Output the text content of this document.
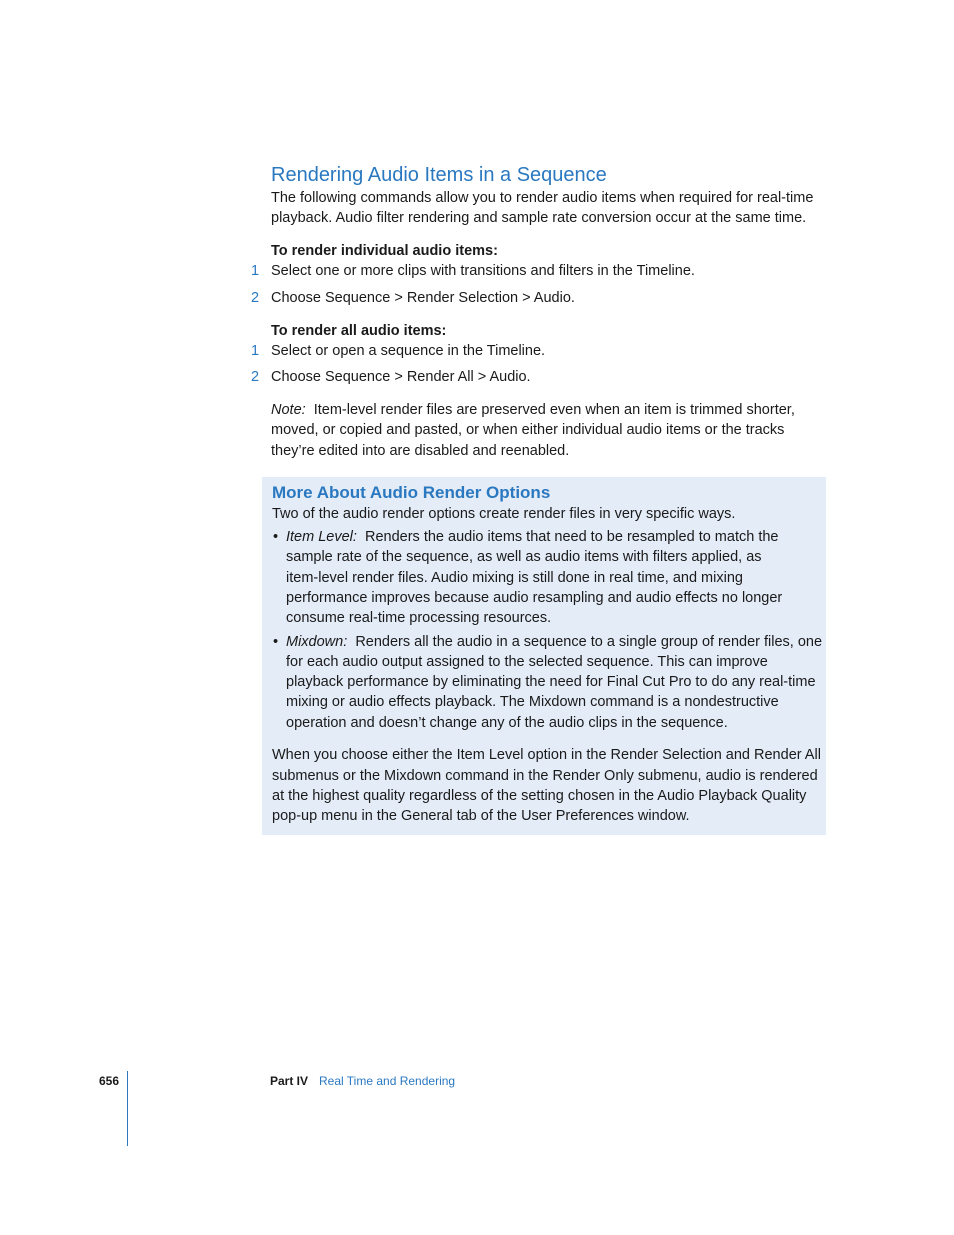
Rendering Audio Items in a Sequence

The following commands allow you to render audio items when required for real-time

playback. Audio filter rendering and sample rate conversion occur at the same time.

To render individual audio items:

1 Select one or more clips with transitions and filters in the Timeline.
2 Choose Sequence > Render Selection > Audio.

To render all audio items:

1 Select or open a sequence in the Timeline.
2 Choose Sequence > Render All > Audio.

Note: Item-level render files are preserved even when an item is trimmed shorter,

moved, or copied and pasted, or when either individual audio items or the tracks

they’re edited into are disabled and reenabled.

More About Audio Render Options

Two of the audio render options create render files in very specific ways.

• Item Level: Renders the audio items that need to be resampled to match the

sample rate of the sequence, as well as audio items with filters applied, as

item-level render files. Audio mixing is still done in real time, and mixing

performance improves because audio resampling and audio effects no longer

consume real-time processing resources.

• Mixdown: Renders all the audio in a sequence to a single group of render files, one

for each audio output assigned to the selected sequence. This can improve

playback performance by eliminating the need for Final Cut Pro to do any real-time

mixing or audio effects playback. The Mixdown command is a nondestructive

operation and doesn’t change any of the audio clips in the sequence.

When you choose either the Item Level option in the Render Selection and Render All

submenus or the Mixdown command in the Render Only submenu, audio is rendered

at the highest quality regardless of the setting chosen in the Audio Playback Quality

pop-up menu in the General tab of the User Preferences window.

656	Part IV Real Time and Rendering
